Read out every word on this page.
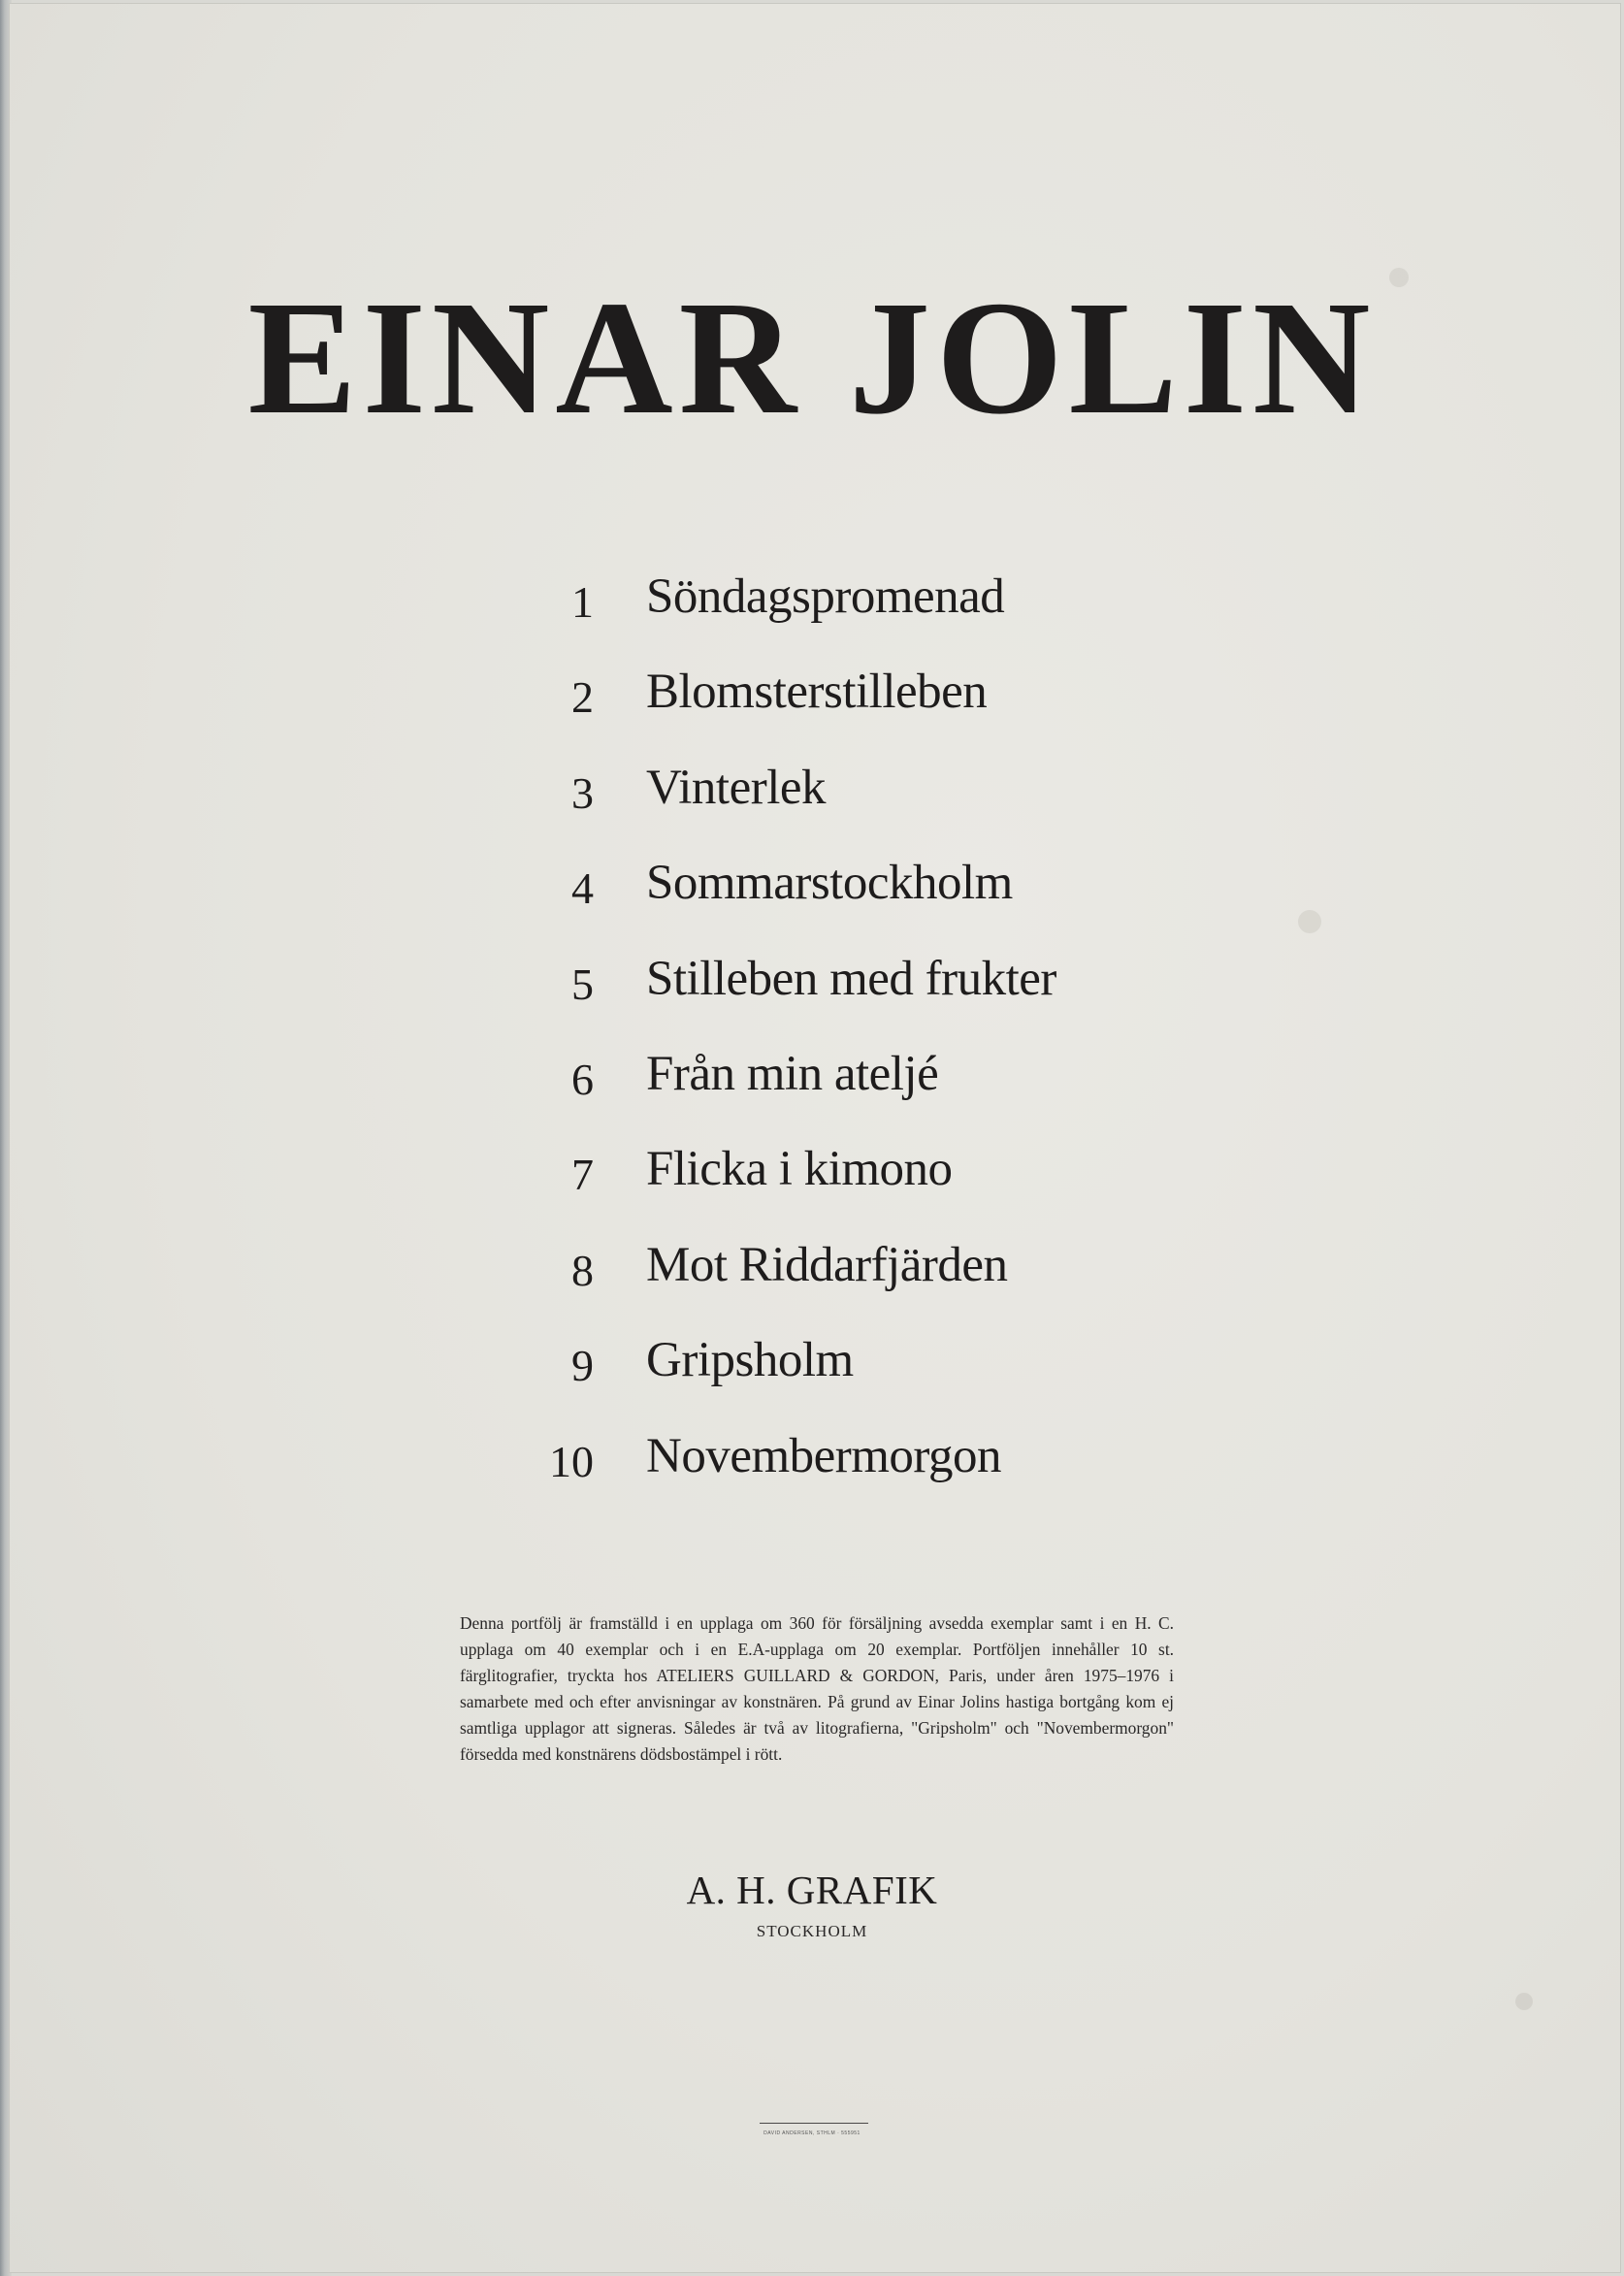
EINAR JOLIN
1 Söndagspromenad
2 Blomsterstilleben
3 Vinterlek
4 Sommarstockholm
5 Stilleben med frukter
6 Från min ateljé
7 Flicka i kimono
8 Mot Riddarfjärden
9 Gripsholm
10 Novembermorgon

Denna portfölj är framställd i en upplaga om 360 för försäljning avsedda exemplar samt i en H. C. upplaga om 40 exemplar och i en E.A-upplaga om 20 exemplar. Portföljen innehåller 10 st. färglitografier, tryckta hos ATELIERS GUILLARD & GORDON, Paris, under åren 1975–1976 i samarbete med och efter anvisningar av konstnären. På grund av Einar Jolins hastiga bortgång kom ej samtliga upplagor att signeras. Således är två av litografierna, "Gripsholm" och "Novembermorgon" försedda med konstnärens dödsbostämpel i rött.

A. H. GRAFIK
STOCKHOLM
DAVID ANDERSEN, STHLM · 555951
